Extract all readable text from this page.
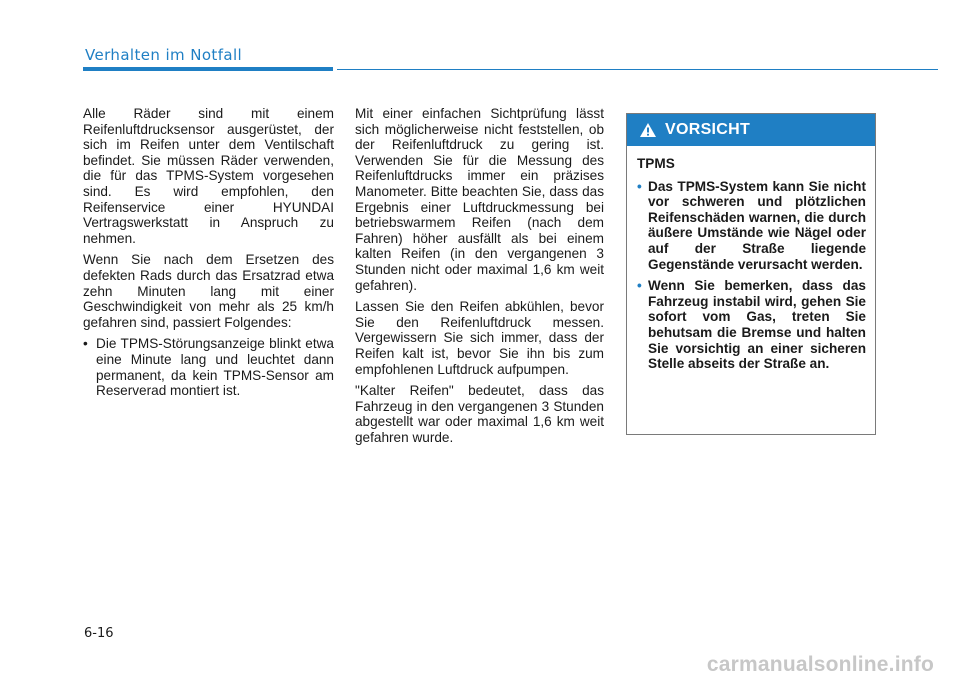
Verhalten im Notfall

Alle Räder sind mit einem Reifenluftdrucksensor ausgerüstet, der sich im Reifen unter dem Ventilschaft befindet. Sie müssen Räder verwenden, die für das TPMS-System vorgesehen sind. Es wird empfohlen, den Reifenservice einer HYUNDAI Vertragswerkstatt in Anspruch zu nehmen.

Wenn Sie nach dem Ersetzen des defekten Rads durch das Ersatzrad etwa zehn Minuten lang mit einer Geschwindigkeit von mehr als 25 km/h gefahren sind, passiert Folgendes:

• Die TPMS-Störungsanzeige blinkt etwa eine Minute lang und leuchtet dann permanent, da kein TPMS-Sensor am Reserverad montiert ist.

Mit einer einfachen Sichtprüfung lässt sich möglicherweise nicht feststellen, ob der Reifenluftdruck zu gering ist. Verwenden Sie für die Messung des Reifenluftdrucks immer ein präzises Manometer. Bitte beachten Sie, dass das Ergebnis einer Luftdruckmessung bei betriebswarmem Reifen (nach dem Fahren) höher ausfällt als bei einem kalten Reifen (in den vergangenen 3 Stunden nicht oder maximal 1,6 km weit gefahren).

Lassen Sie den Reifen abkühlen, bevor Sie den Reifenluftdruck messen. Vergewissern Sie sich immer, dass der Reifen kalt ist, bevor Sie ihn bis zum empfohlenen Luftdruck aufpumpen.

"Kalter Reifen" bedeutet, dass das Fahrzeug in den vergangenen 3 Stunden abgestellt war oder maximal 1,6 km weit gefahren wurde.

VORSICHT
TPMS
• Das TPMS-System kann Sie nicht vor schweren und plötzlichen Reifenschäden warnen, die durch äußere Umstände wie Nägel oder auf der Straße liegende Gegenstände verursacht werden.
• Wenn Sie bemerken, dass das Fahrzeug instabil wird, gehen Sie sofort vom Gas, treten Sie behutsam die Bremse und halten Sie vorsichtig an einer sicheren Stelle abseits der Straße an.
6-16
carmanualsonline.info
